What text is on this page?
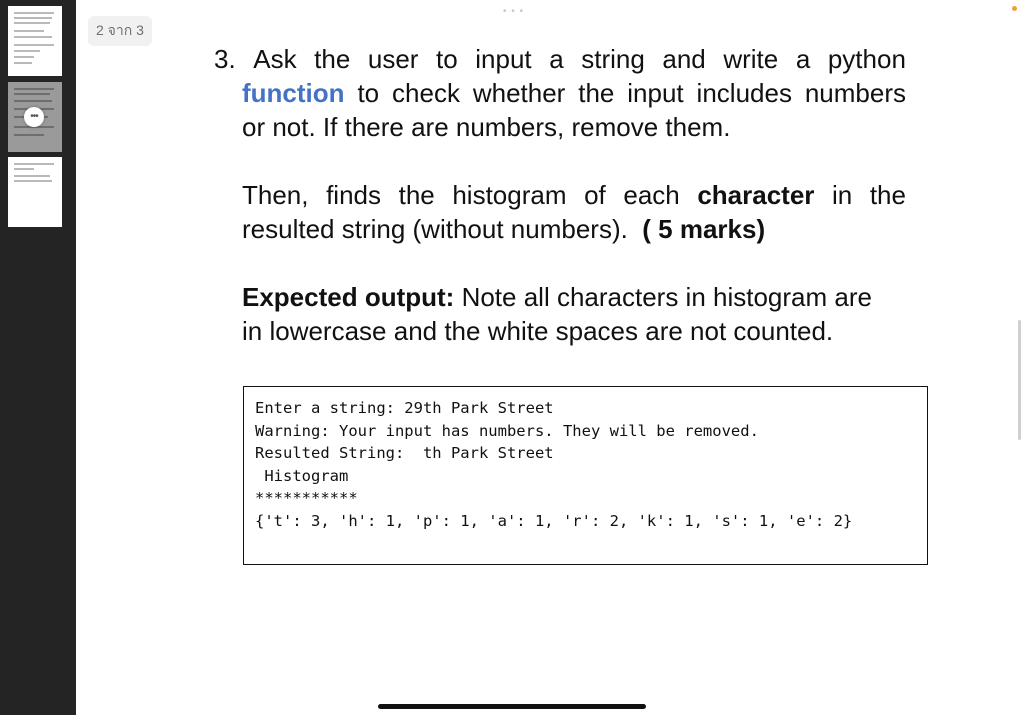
•••
2 จาก 3
• • •
3. Ask the user to input a string and write a python
function to check whether the input includes numbers
or not. If there are numbers, remove them.
Then, finds the histogram of each character in the
resulted string (without numbers). ( 5 marks)
Expected output: Note all characters in histogram are
in lowercase and the white spaces are not counted.
Enter a string: 29th Park Street
Warning: Your input has numbers. They will be removed.
Resulted String:  th Park Street
Histogram
***********
{'t': 3, 'h': 1, 'p': 1, 'a': 1, 'r': 2, 'k': 1, 's': 1, 'e': 2}
